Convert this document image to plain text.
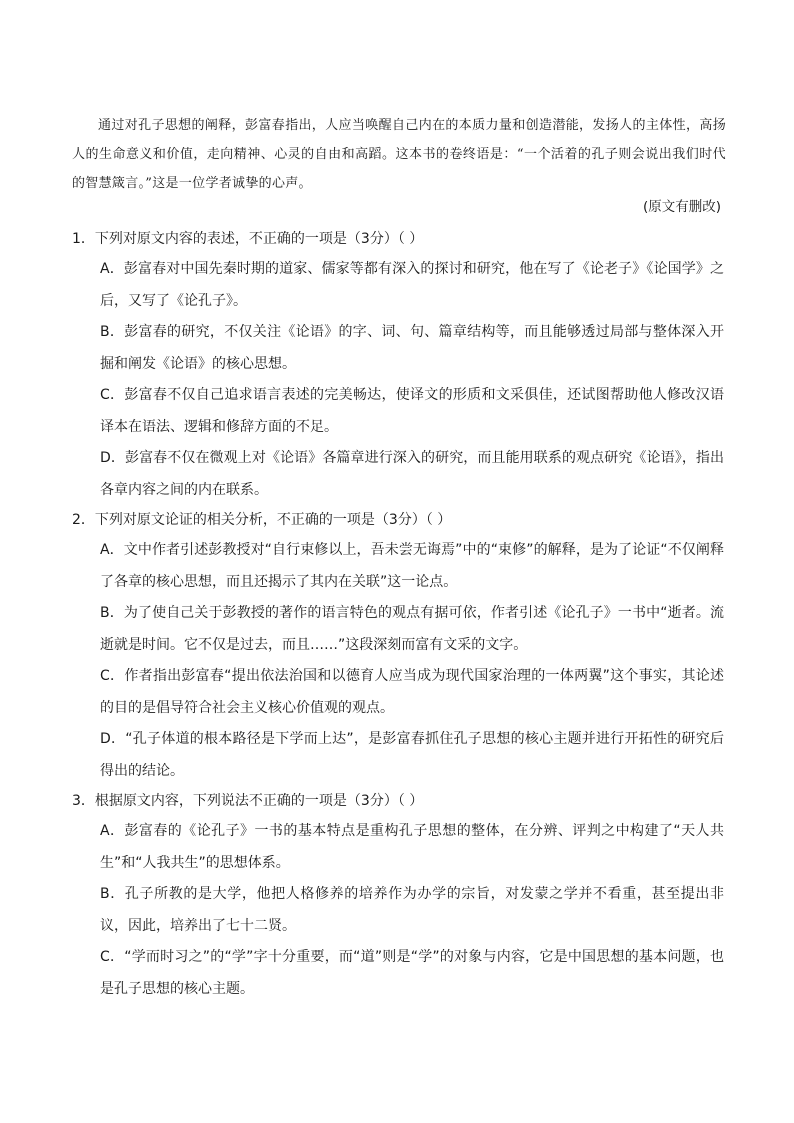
通过对孔子思想的阐释，彭富春指出，人应当唤醒自己内在的本质力量和创造潜能，发扬人的主体性，高扬人的生命意义和价值，走向精神、心灵的自由和高蹈。这本书的卷终语是：“一个活着的孔子则会说出我们时代的智慧箴言。”这是一位学者诚挚的心声。

(原文有删改)

1．下列对原文内容的表述，不正确的一项是（3分）（ ）

A．彭富春对中国先秦时期的道家、儒家等都有深入的探讨和研究，他在写了《论老子》《论国学》之后，又写了《论孔子》。

B．彭富春的研究，不仅关注《论语》的字、词、句、篇章结构等，而且能够透过局部与整体深入开掘和阐发《论语》的核心思想。

C．彭富春不仅自己追求语言表述的完美畅达，使译文的形质和文采俱佳，还试图帮助他人修改汉语译本在语法、逻辑和修辞方面的不足。

D．彭富春不仅在微观上对《论语》各篇章进行深入的研究，而且能用联系的观点研究《论语》，指出各章内容之间的内在联系。

2．下列对原文论证的相关分析，不正确的一项是（3分）（ ）

A．文中作者引述彭教授对“自行束修以上，吾未尝无诲焉”中的“束修”的解释，是为了论证“不仅阐释了各章的核心思想，而且还揭示了其内在关联”这一论点。

B．为了使自己关于彭教授的著作的语言特色的观点有据可依，作者引述《论孔子》一书中“逝者。流逝就是时间。它不仅是过去，而且……”这段深刻而富有文采的文字。

C．作者指出彭富春“提出依法治国和以德育人应当成为现代国家治理的一体两翼”这个事实，其论述的目的是倡导符合社会主义核心价值观的观点。

D．“孔子体道的根本路径是下学而上达”，是彭富春抓住孔子思想的核心主题并进行开拓性的研究后得出的结论。

3．根据原文内容，下列说法不正确的一项是（3分）（ ）

A．彭富春的《论孔子》一书的基本特点是重构孔子思想的整体，在分辨、评判之中构建了“天人共生”和“人我共生”的思想体系。

B．孔子所教的是大学，他把人格修养的培养作为办学的宗旨，对发蒙之学并不看重，甚至提出非议，因此，培养出了七十二贤。

C．“学而时习之”的“学”字十分重要，而“道”则是“学”的对象与内容，它是中国思想的基本问题，也是孔子思想的核心主题。
